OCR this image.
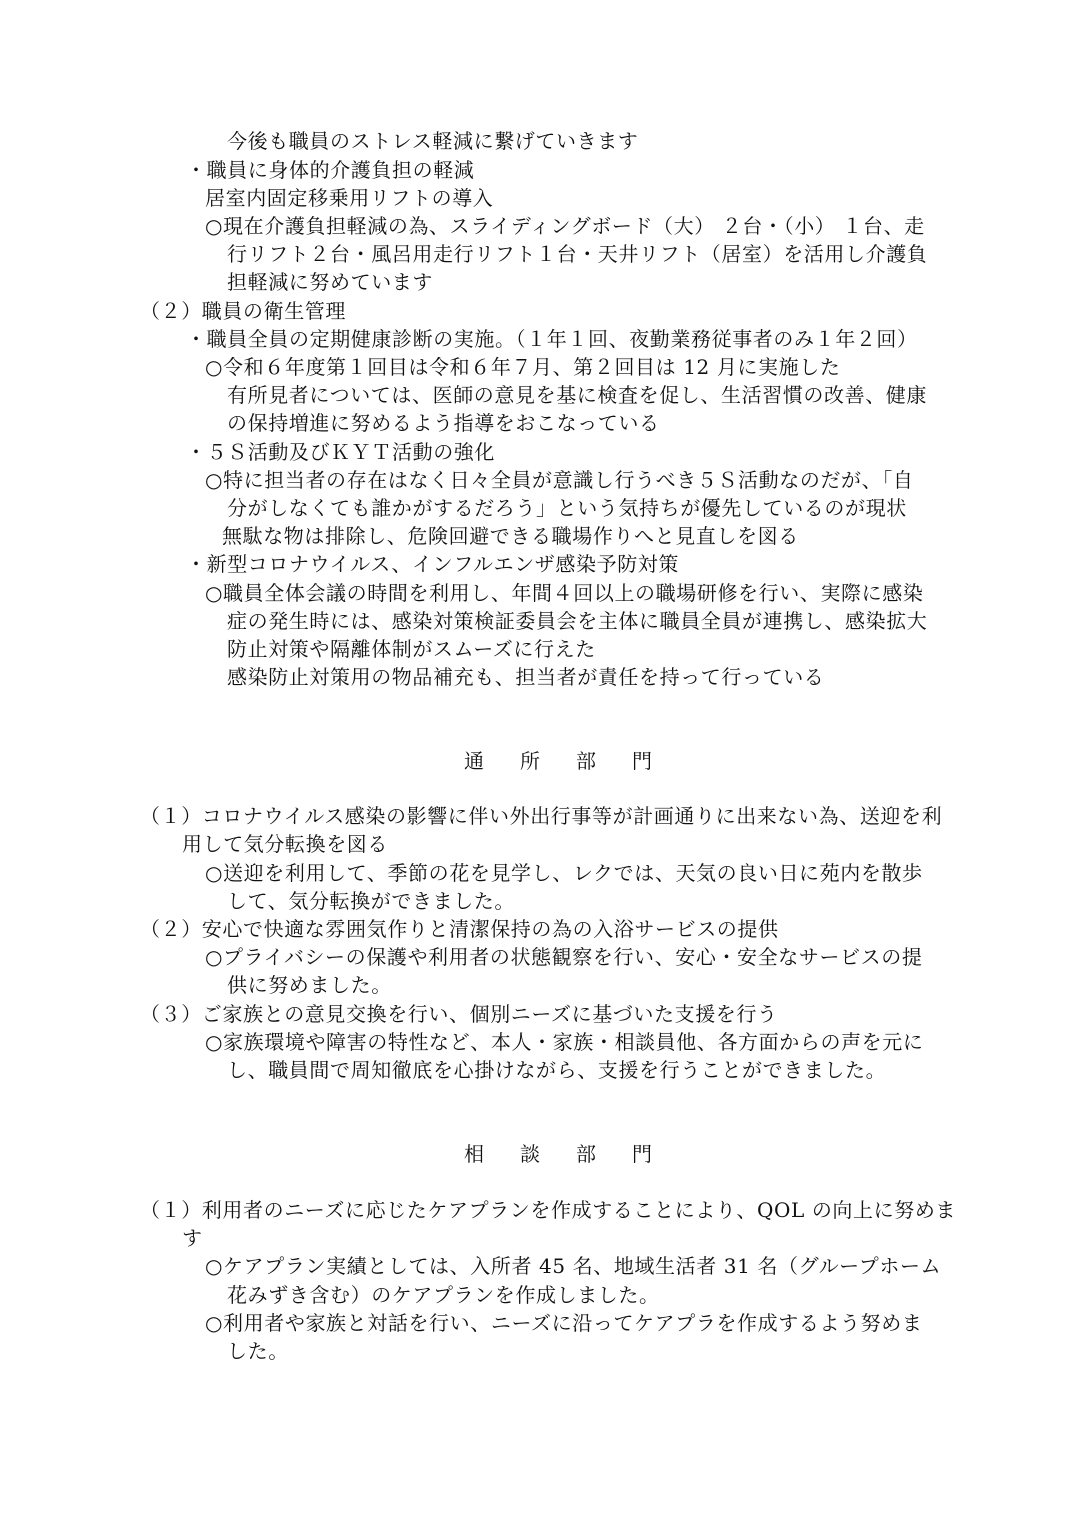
今後も職員のストレス軽減に繋げていきます
・職員に身体的介護負担の軽減
居室内固定移乗用リフトの導入
○現在介護負担軽減の為、スライディングボード（大） ２台・（小） １台、走
行リフト２台・風呂用走行リフト１台・天井リフト（居室）を活用し介護負
担軽減に努めています
（２）職員の衛生管理
・職員全員の定期健康診断の実施。（１年１回、夜勤業務従事者のみ１年２回）
○令和６年度第１回目は令和６年７月、第２回目は 12 月に実施した
有所見者については、医師の意見を基に検査を促し、生活習慣の改善、健康
の保持増進に努めるよう指導をおこなっている
・５Ｓ活動及びＫＹＴ活動の強化
○特に担当者の存在はなく日々全員が意識し行うべき５Ｓ活動なのだが、「自
分がしなくても誰かがするだろう」という気持ちが優先しているのが現状
無駄な物は排除し、危険回避できる職場作りへと見直しを図る
・新型コロナウイルス、インフルエンザ感染予防対策
○職員全体会議の時間を利用し、年間４回以上の職場研修を行い、実際に感染
症の発生時には、感染対策検証委員会を主体に職員全員が連携し、感染拡大
防止対策や隔離体制がスムーズに行えた
感染防止対策用の物品補充も、担当者が責任を持って行っている
通 所 部 門
（１）コロナウイルス感染の影響に伴い外出行事等が計画通りに出来ない為、送迎を利
用して気分転換を図る
○送迎を利用して、季節の花を見学し、レクでは、天気の良い日に苑内を散歩
して、気分転換ができました。
（２）安心で快適な雰囲気作りと清潔保持の為の入浴サービスの提供
○プライバシーの保護や利用者の状態観察を行い、安心・安全なサービスの提
供に努めました。
（３）ご家族との意見交換を行い、個別ニーズに基づいた支援を行う
○家族環境や障害の特性など、本人・家族・相談員他、各方面からの声を元に
し、職員間で周知徹底を心掛けながら、支援を行うことができました。
相 談 部 門
（１）利用者のニーズに応じたケアプランを作成することにより、QOL の向上に努めま
す
○ケアプラン実績としては、入所者 45 名、地域生活者 31 名（グループホーム
花みずき含む）のケアプランを作成しました。
○利用者や家族と対話を行い、ニーズに沿ってケアプラを作成するよう努めま
した。
